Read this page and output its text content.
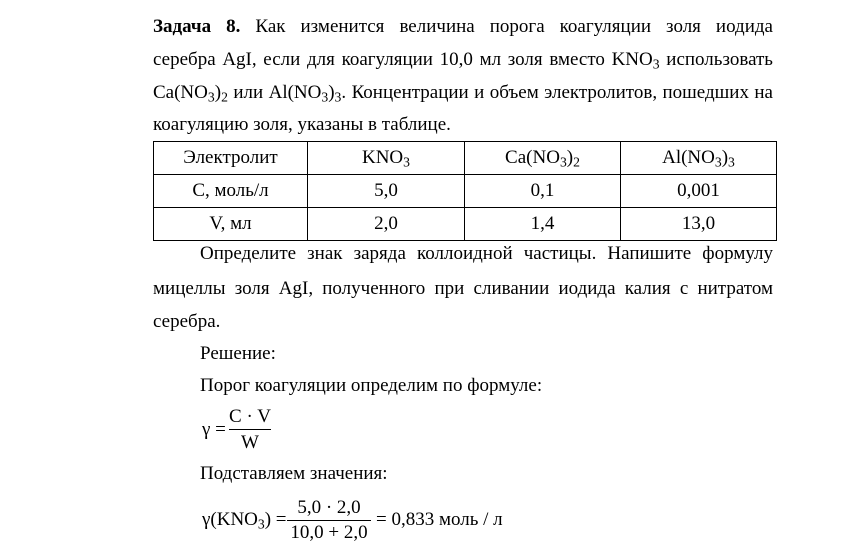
Задача 8. Как изменится величина порога коагуляции золя иодида
серебра AgI, если для коагуляции 10,0 мл золя вместо $KNO_3$ использовать
$Ca(NO_3)_2$ или $Al(NO_3)_3$. Концентрации и объем электролитов, пошедших на
коагуляцию золя, указаны в таблице.
Электролит	$KNO_3$	$Ca(NO_3)_2$	$Al(NO_3)_3$
C, моль/л	5,0	0,1	0,001
V, мл	2,0	1,4	13,0
Определите знак заряда коллоидной частицы. Напишите формулу
мицеллы золя AgI, полученного при сливании иодида калия с нитратом
серебра.
Решение:
Порог коагуляции определим по формуле:
γ =
C · V
W
Подставляем значения:
$\gamma(KNO_3)$ =
5,0 · 2,0
10,0 + 2,0
= 0,833 моль / л
